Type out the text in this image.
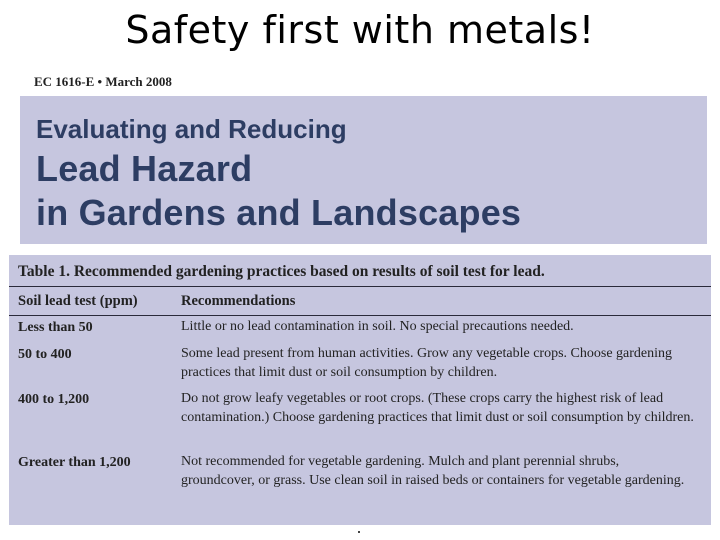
Safety first with metals!
EC 1616-E • March 2008
Evaluating and Reducing
Lead Hazard
in Gardens and Landscapes
Table 1. Recommended gardening practices based on results of soil test for lead.
Soil lead test (ppm)	Recommendations
Less than 50	Little or no lead contamination in soil. No special precautions needed.
50 to 400	Some lead present from human activities. Grow any vegetable crops. Choose gardening practices that limit dust or soil consumption by children.
400 to 1,200	Do not grow leafy vegetables or root crops. (These crops carry the highest risk of lead contamination.) Choose gardening practices that limit dust or soil consumption by children.
Greater than 1,200	Not recommended for vegetable gardening. Mulch and plant perennial shrubs, groundcover, or grass. Use clean soil in raised beds or containers for vegetable gardening.
